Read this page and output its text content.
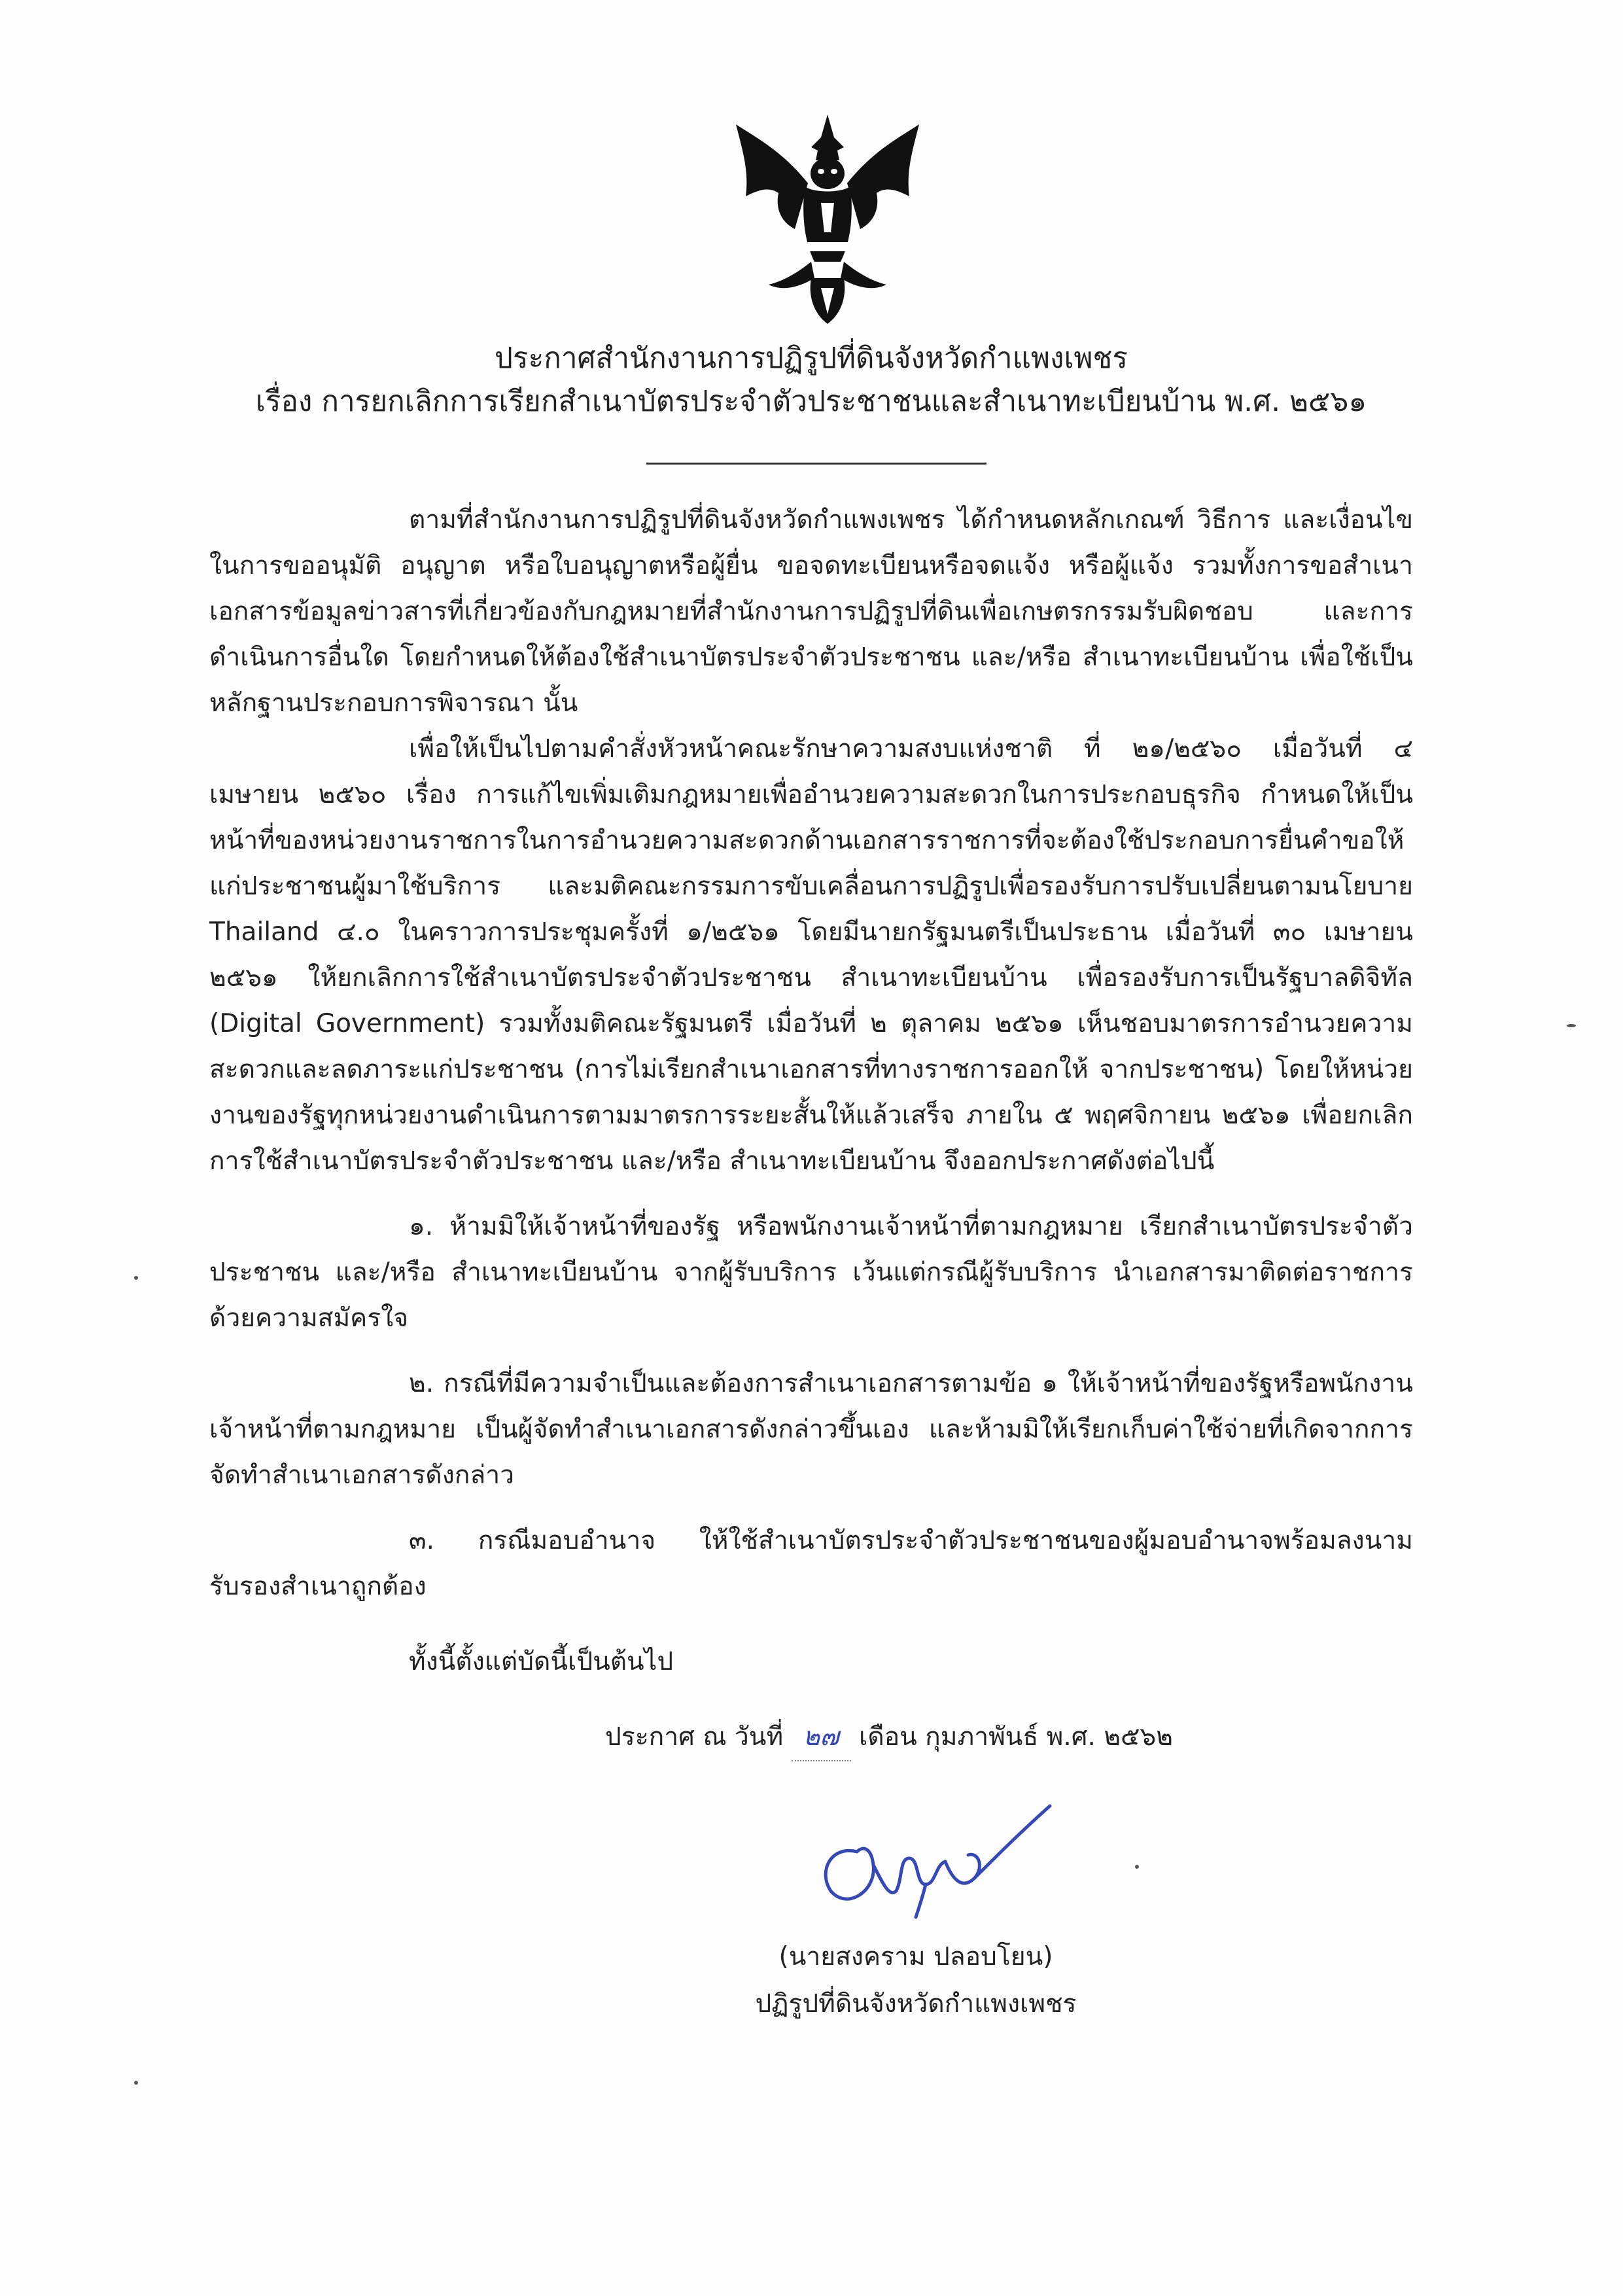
ประกาศสำนักงานการปฏิรูปที่ดินจังหวัดกำแพงเพชร
เรื่อง การยกเลิกการเรียกสำเนาบัตรประจำตัวประชาชนและสำเนาทะเบียนบ้าน พ.ศ. ๒๕๖๑

ตามที่สำนักงานการปฏิรูปที่ดินจังหวัดกำแพงเพชร ได้กำหนดหลักเกณฑ์ วิธีการ และเงื่อนไขในการขออนุมัติ อนุญาต หรือใบอนุญาตหรือผู้ยื่น ขอจดทะเบียนหรือจดแจ้ง หรือผู้แจ้ง รวมทั้งการขอสำเนาเอกสารข้อมูลข่าวสารที่เกี่ยวข้องกับกฎหมายที่สำนักงานการปฏิรูปที่ดินเพื่อเกษตรกรรมรับผิดชอบ และการดำเนินการอื่นใด โดยกำหนดให้ต้องใช้สำเนาบัตรประจำตัวประชาชน และ/หรือ สำเนาทะเบียนบ้าน เพื่อใช้เป็นหลักฐานประกอบการพิจารณา นั้น

เพื่อให้เป็นไปตามคำสั่งหัวหน้าคณะรักษาความสงบแห่งชาติ ที่ ๒๑/๒๕๖๐ เมื่อวันที่ ๔ เมษายน ๒๕๖๐ เรื่อง การแก้ไขเพิ่มเติมกฎหมายเพื่ออำนวยความสะดวกในการประกอบธุรกิจ กำหนดให้เป็นหน้าที่ของหน่วยงานราชการในการอำนวยความสะดวกด้านเอกสารราชการที่จะต้องใช้ประกอบการยื่นคำขอให้แก่ประชาชนผู้มาใช้บริการ และมติคณะกรรมการขับเคลื่อนการปฏิรูปเพื่อรองรับการปรับเปลี่ยนตามนโยบาย Thailand ๔.๐ ในคราวการประชุมครั้งที่ ๑/๒๕๖๑ โดยมีนายกรัฐมนตรีเป็นประธาน เมื่อวันที่ ๓๐ เมษายน ๒๕๖๑ ให้ยกเลิกการใช้สำเนาบัตรประจำตัวประชาชน สำเนาทะเบียนบ้าน เพื่อรองรับการเป็นรัฐบาลดิจิทัล (Digital Government) รวมทั้งมติคณะรัฐมนตรี เมื่อวันที่ ๒ ตุลาคม ๒๕๖๑ เห็นชอบมาตรการอำนวยความสะดวกและลดภาระแก่ประชาชน (การไม่เรียกสำเนาเอกสารที่ทางราชการออกให้ จากประชาชน) โดยให้หน่วยงานของรัฐทุกหน่วยงานดำเนินการตามมาตรการระยะสั้นให้แล้วเสร็จ ภายใน ๕ พฤศจิกายน ๒๕๖๑ เพื่อยกเลิกการใช้สำเนาบัตรประจำตัวประชาชน และ/หรือ สำเนาทะเบียนบ้าน จึงออกประกาศดังต่อไปนี้

๑. ห้ามมิให้เจ้าหน้าที่ของรัฐ หรือพนักงานเจ้าหน้าที่ตามกฎหมาย เรียกสำเนาบัตรประจำตัวประชาชน และ/หรือ สำเนาทะเบียนบ้าน จากผู้รับบริการ เว้นแต่กรณีผู้รับบริการ นำเอกสารมาติดต่อราชการด้วยความสมัครใจ

๒. กรณีที่มีความจำเป็นและต้องการสำเนาเอกสารตามข้อ ๑ ให้เจ้าหน้าที่ของรัฐหรือพนักงานเจ้าหน้าที่ตามกฎหมาย เป็นผู้จัดทำสำเนาเอกสารดังกล่าวขึ้นเอง และห้ามมิให้เรียกเก็บค่าใช้จ่ายที่เกิดจากการจัดทำสำเนาเอกสารดังกล่าว

๓. กรณีมอบอำนาจ ให้ใช้สำเนาบัตรประจำตัวประชาชนของผู้มอบอำนาจพร้อมลงนามรับรองสำเนาถูกต้อง

ทั้งนี้ตั้งแต่บัดนี้เป็นต้นไป
ประกาศ ณ วันที่ ๒๗ เดือน กุมภาพันธ์ พ.ศ. ๒๕๖๒
(นายสงคราม ปลอบโยน)
ปฏิรูปที่ดินจังหวัดกำแพงเพชร
